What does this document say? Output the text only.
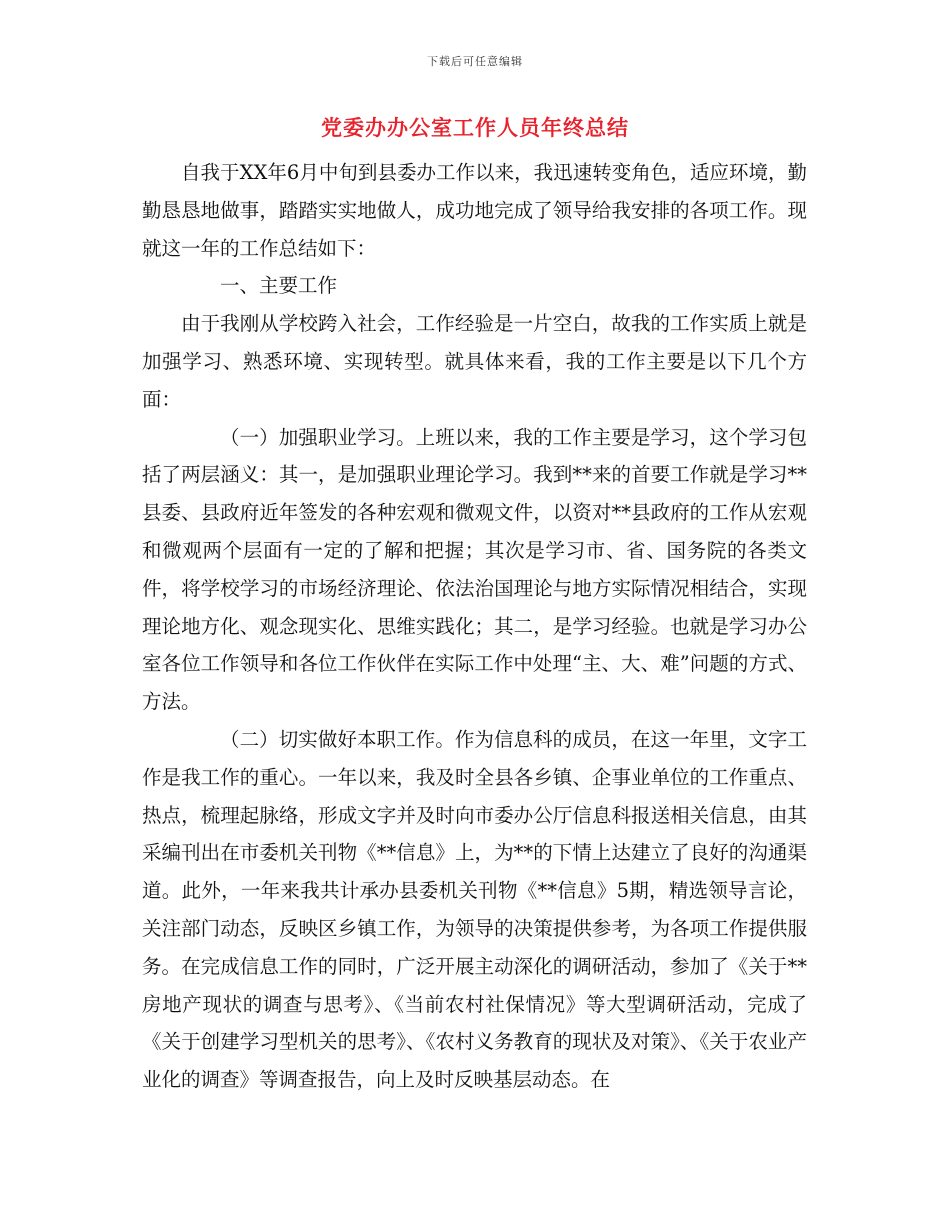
下载后可任意编辑
党委办办公室工作人员年终总结

自我于XX年6月中旬到县委办工作以来，我迅速转变角色，适应环境，勤勤恳恳地做事，踏踏实实地做人，成功地完成了领导给我安排的各项工作。现就这一年的工作总结如下：

一、主要工作

由于我刚从学校跨入社会，工作经验是一片空白，故我的工作实质上就是加强学习、熟悉环境、实现转型。就具体来看，我的工作主要是以下几个方面：

（一）加强职业学习。上班以来，我的工作主要是学习，这个学习包括了两层涵义：其一，是加强职业理论学习。我到**来的首要工作就是学习**县委、县政府近年签发的各种宏观和微观文件，以资对**县政府的工作从宏观和微观两个层面有一定的了解和把握；其次是学习市、省、国务院的各类文件，将学校学习的市场经济理论、依法治国理论与地方实际情况相结合，实现理论地方化、观念现实化、思维实践化；其二，是学习经验。也就是学习办公室各位工作领导和各位工作伙伴在实际工作中处理“主、大、难”问题的方式、方法。

（二）切实做好本职工作。作为信息科的成员，在这一年里，文字工作是我工作的重心。一年以来，我及时全县各乡镇、企事业单位的工作重点、热点，梳理起脉络，形成文字并及时向市委办公厅信息科报送相关信息，由其采编刊出在市委机关刊物《**信息》上，为**的下情上达建立了良好的沟通渠道。此外，一年来我共计承办县委机关刊物《**信息》5期，精选领导言论，关注部门动态，反映区乡镇工作，为领导的决策提供参考，为各项工作提供服务。在完成信息工作的同时，广泛开展主动深化的调研活动，参加了《关于**房地产现状的调查与思考》、《当前农村社保情况》等大型调研活动，完成了《关于创建学习型机关的思考》、《农村义务教育的现状及对策》、《关于农业产业化的调查》等调查报告，向上及时反映基层动态。在
